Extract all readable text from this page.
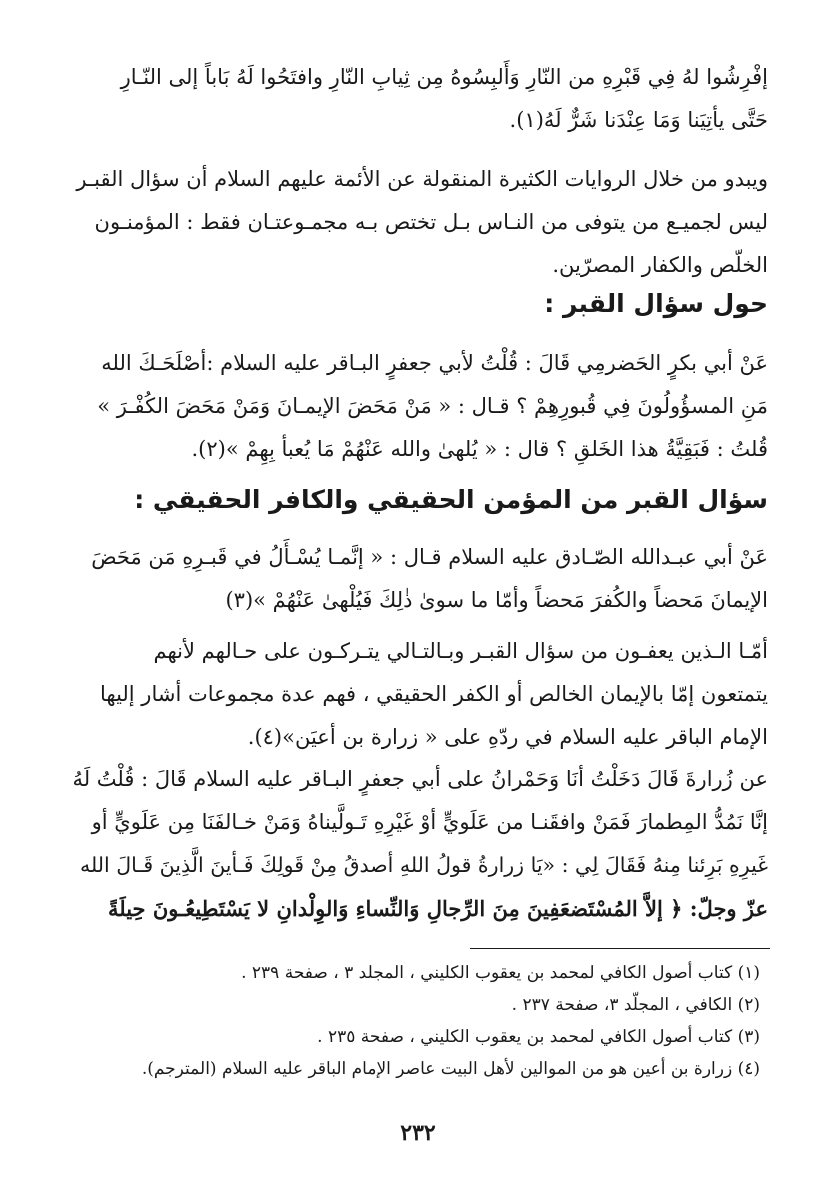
إفْرِشُوا لهُ فِي قَبْرِهِ من النّارِ وَأَلبِسُوهُ مِن ثِيابِ النّارِ وافتَحُوا لَهُ بَاباً إلى النّـارِ
حَتَّى يأتِيَنا وَمَا عِنْدَنا شَرٌّ لَهُ(١).
ويبدو من خلال الروايات الكثيرة المنقولة عن الأئمة عليهم السلام أن سؤال القبـر
ليس لجميـع من يتوفى من النـاس بـل تختص بـه مجمـوعتـان فقط : المؤمنـون
الخلّص والكفار المصرّين.
حول سؤال القبر :
عَنْ أبي بكرٍ الحَضرمِي قَالَ : قُلْتُ لأبي جعفرٍ البـاقر عليه السلام :أصْلَحَـكَ الله
مَنِ المسؤُولُونَ فِي قُبورِهِمْ ؟ قـال : « مَنْ مَحَضَ الإيمـانَ وَمَنْ مَحَضَ الكُفْـرَ »
قُلتُ : فَبَقِيَّةُ هذا الخَلقِ ؟ قال : « يُلهىٰ والله عَنْهُمْ مَا يُعبأ بِهِمْ »(٢).
سؤال القبر من المؤمن الحقيقي والكافر الحقيقي :
عَنْ أبي عبـدالله الصّـادق عليه السلام قـال : « إنَّمـا يُسْـأَلُ في قَبـرِهِ مَن مَحَضَ
الإيمانَ مَحضاً والكُفرَ مَحضاً وأمّا ما سوىٰ ذٰلِكَ فَيُلْهىٰ عَنْهُمْ »(٣)
أمّـا الـذين يعفـون من سؤال القبـر وبـالتـالي يتـركـون على حـالهم لأنهم
يتمتعون إمّا بالإيمان الخالص أو الكفر الحقيقي ، فهم عدة مجموعات أشار إليها
الإمام الباقر عليه السلام في ردّهِ على « زرارة بن أعيَن»(٤).
عن زُرارةَ قَالَ دَخَلْتُ أنَا وَحَمْرانُ على أبي جعفرٍ البـاقر عليه السلام قَالَ : قُلْتُ لَهُ
إنَّا نَمُدُّ المِطمارَ فَمَنْ وافقَنـا من عَلَويٍّ أوْ غَيْرِهِ تَـولَّيناهُ وَمَنْ خـالفَنَا مِن عَلَويٍّ أو
غَيرِهِ بَرِئنا مِنهُ فَقَالَ لِي : «يَا زرارةُ قولُ اللهِ أصدقُ مِنْ قَولِكَ فَـأينَ الَّذِينَ قَـالَ الله
عزّ وجلّ: ﴿ إلاَّ المُسْتَضعَفِينَ مِنَ الرِّجالِ وَالنِّساءِ وَالوِلْدانِ لا يَسْتَطِيعُـونَ حِيلَةً
(١) كتاب أصول الكافي لمحمد بن يعقوب الكليني ، المجلد ٣ ، صفحة ٢٣٩ .
(٢) الكافي ، المجلّد ٣، صفحة ٢٣٧ .
(٣) كتاب أصول الكافي لمحمد بن يعقوب الكليني ، صفحة ٢٣٥ .
(٤) زرارة بن أعين هو من الموالين لأهل البيت عاصر الإمام الباقر عليه السلام (المترجم).
٢٣٢
